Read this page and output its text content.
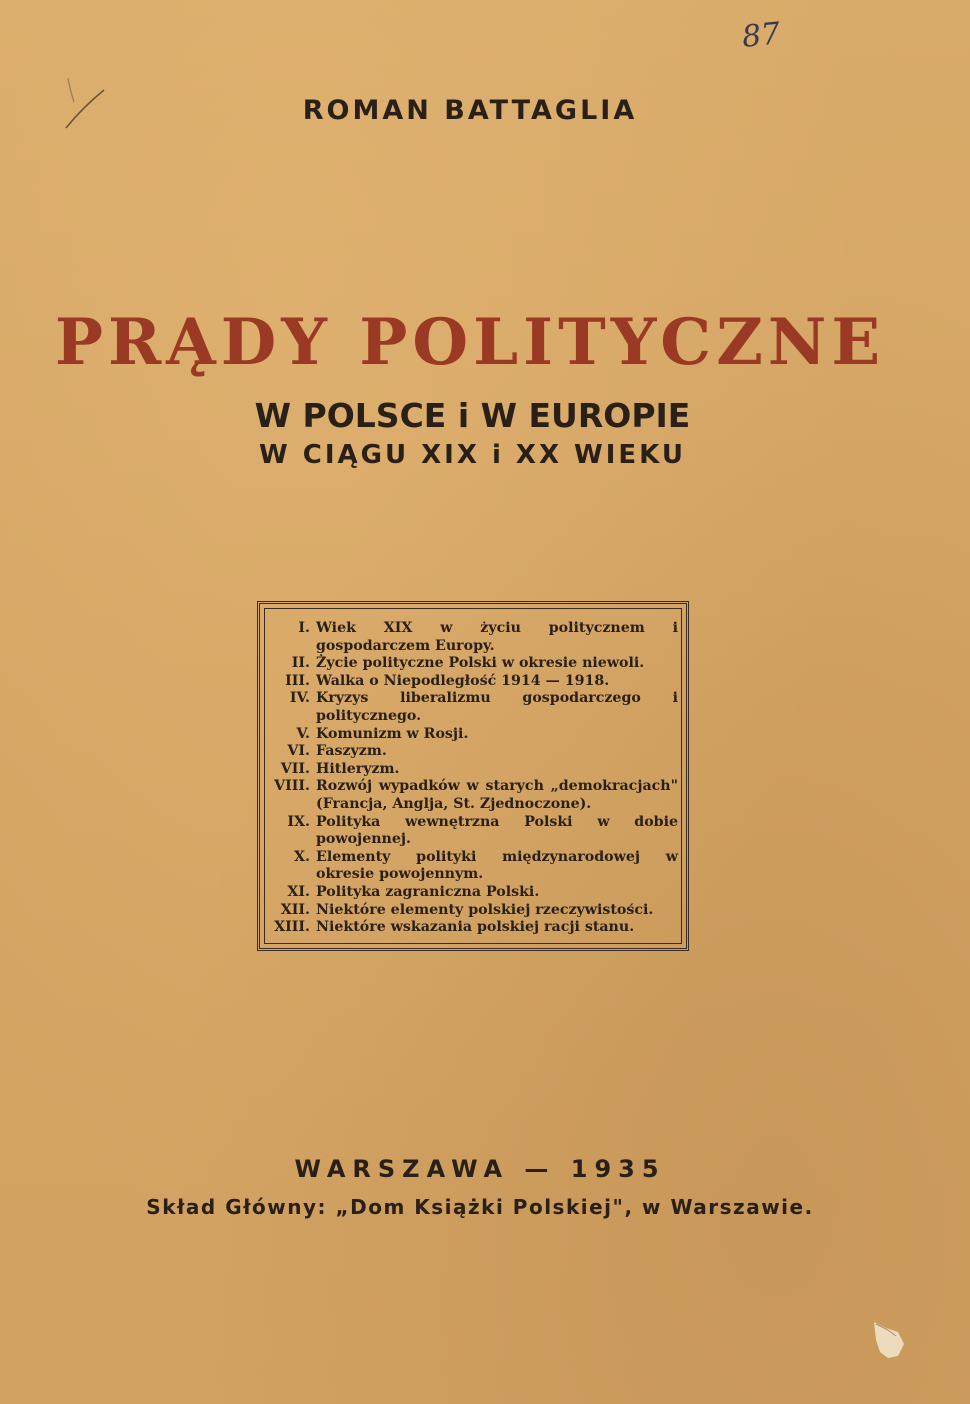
87
ROMAN BATTAGLIA
PRĄDY POLITYCZNE
W POLSCE i W EUROPIE
W CIĄGU XIX i XX WIEKU
I. Wiek XIX w życiu politycznem i gospodarczem Europy.
II. Życie polityczne Polski w okresie niewoli.
III. Walka o Niepodległość 1914 — 1918.
IV. Kryzys liberalizmu gospodarczego i politycznego.
V. Komunizm w Rosji.
VI. Faszyzm.
VII. Hitleryzm.
VIII. Rozwój wypadków w starych „demokracjach" (Francja, Anglja, St. Zjednoczone).
IX. Polityka wewnętrzna Polski w dobie powojennej.
X. Elementy polityki międzynarodowej w okresie powojennym.
XI. Polityka zagraniczna Polski.
XII. Niektóre elementy polskiej rzeczywistości.
XIII. Niektóre wskazania polskiej racji stanu.
WARSZAWA — 1935
Skład Główny: „Dom Książki Polskiej", w Warszawie.
